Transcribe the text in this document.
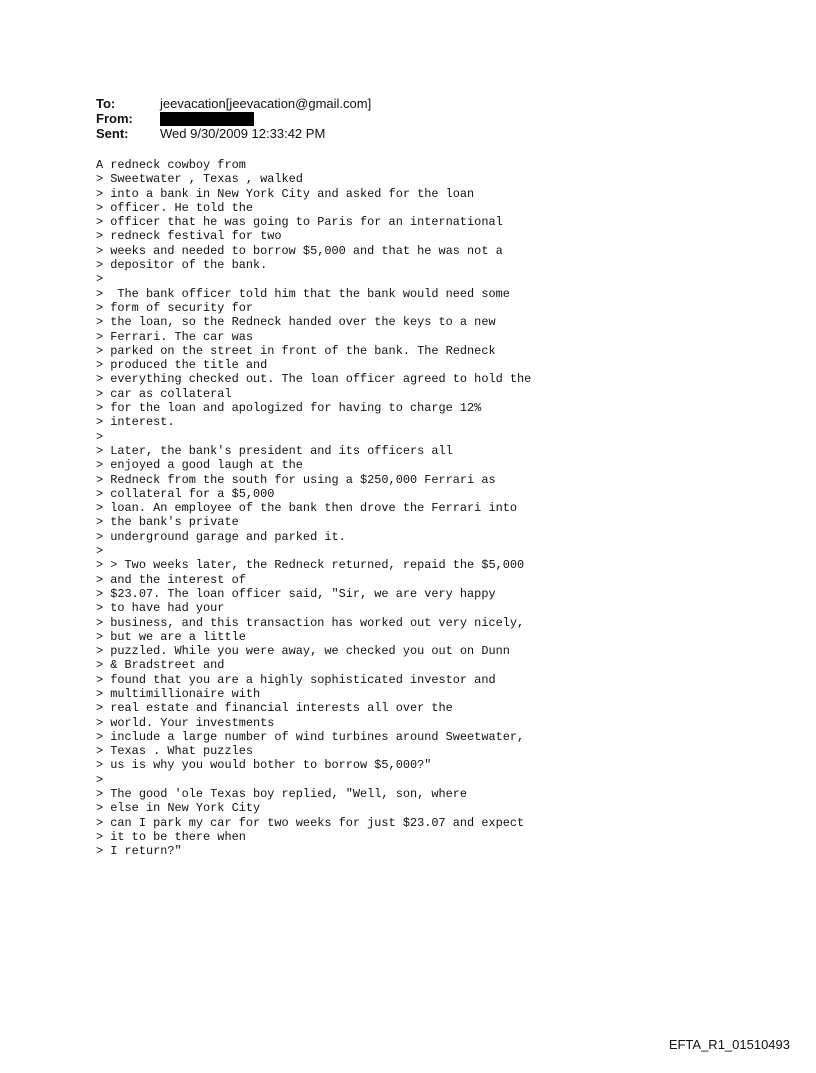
To:	jeevacation[jeevacation@gmail.com]
From:
Sent:	Wed 9/30/2009 12:33:42 PM
A redneck cowboy from
> Sweetwater , Texas , walked
> into a bank in New York City and asked for the loan
> officer. He told the
> officer that he was going to Paris for an international
> redneck festival for two
> weeks and needed to borrow $5,000 and that he was not a
> depositor of the bank.
>
>  The bank officer told him that the bank would need some
> form of security for
> the loan, so the Redneck handed over the keys to a new
> Ferrari. The car was
> parked on the street in front of the bank. The Redneck
> produced the title and
> everything checked out. The loan officer agreed to hold the
> car as collateral
> for the loan and apologized for having to charge 12%
> interest.
>
> Later, the bank's president and its officers all
> enjoyed a good laugh at the
> Redneck from the south for using a $250,000 Ferrari as
> collateral for a $5,000
> loan. An employee of the bank then drove the Ferrari into
> the bank's private
> underground garage and parked it.
>
> > Two weeks later, the Redneck returned, repaid the $5,000
> and the interest of
> $23.07. The loan officer said, "Sir, we are very happy
> to have had your
> business, and this transaction has worked out very nicely,
> but we are a little
> puzzled. While you were away, we checked you out on Dunn
> & Bradstreet and
> found that you are a highly sophisticated investor and
> multimillionaire with
> real estate and financial interests all over the
> world. Your investments
> include a large number of wind turbines around Sweetwater,
> Texas . What puzzles
> us is why you would bother to borrow $5,000?"
>
> The good 'ole Texas boy replied, "Well, son, where
> else in New York City
> can I park my car for two weeks for just $23.07 and expect
> it to be there when
> I return?"
EFTA_R1_01510493
